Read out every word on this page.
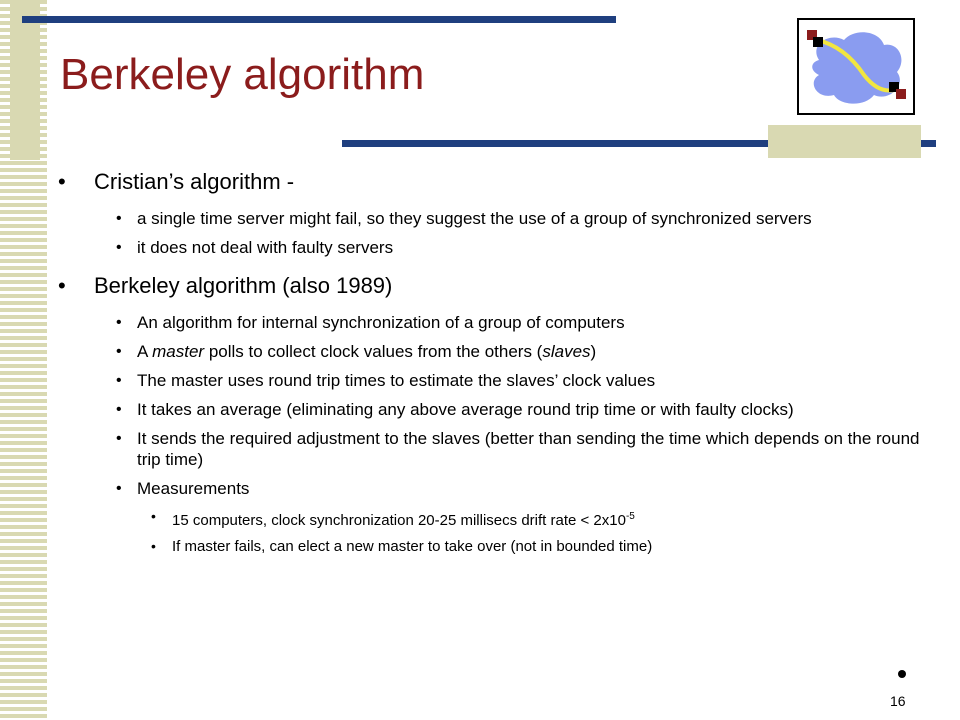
Berkeley algorithm
• Cristian’s algorithm -
• a single time server might fail, so they suggest the use of a group of synchronized servers
• it does not deal with faulty servers
• Berkeley algorithm (also 1989)
• An algorithm for internal synchronization of a group of computers
• A master polls to collect clock values from the others (slaves)
• The master uses round trip times to estimate the slaves’ clock values
• It takes an average (eliminating any above average round trip time or with faulty clocks)
• It sends the required adjustment to the slaves (better than sending the time which depends on the round trip time)
• Measurements
• 15 computers, clock synchronization 20-25 millisecs drift rate < $2x10^{-5}$
• If master fails, can elect a new master to take over (not in bounded time)
16
